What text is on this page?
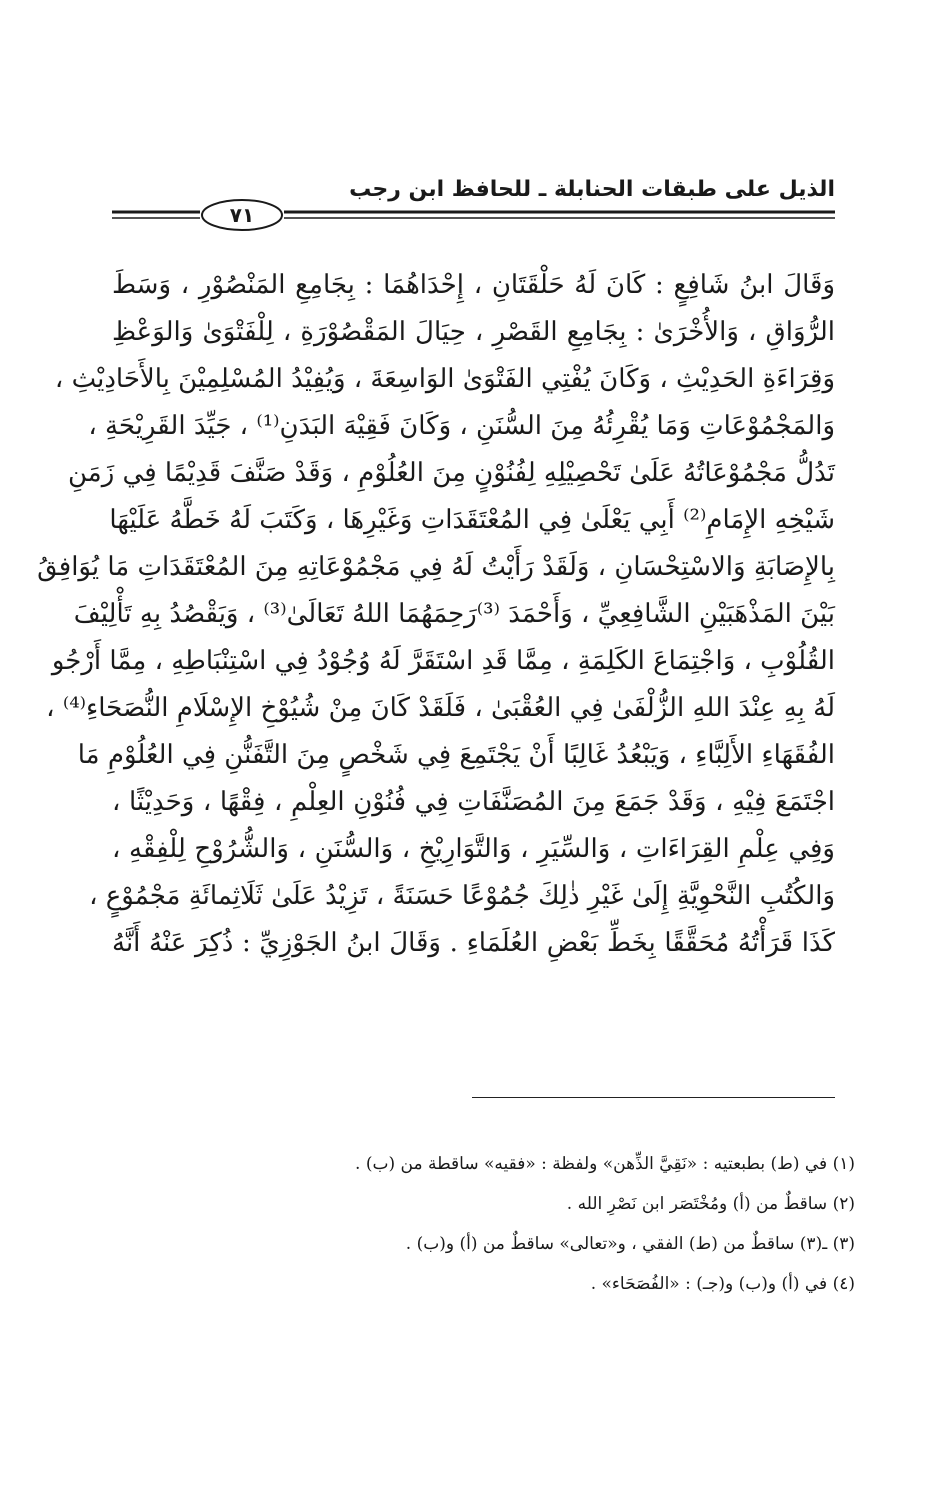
الذيل على طبقات الحنابلة ـ للحافظ ابن رجب
٧١
وَقَالَ ابنُ شَافِعٍ : كَانَ لَهُ حَلْقَتَانِ ، إِحْدَاهُمَا : بِجَامِعِ المَنْصُوْرِ ، وَسَطَ
الرُّوَاقِ ، وَالأُخْرَىٰ : بِجَامِعِ القَصْرِ ، حِيَالَ المَقْصُوْرَةِ ، لِلْفَتْوَىٰ وَالوَعْظِ
وَقِرَاءَةِ الحَدِيْثِ ، وَكَانَ يُفْتِي الفَتْوَىٰ الوَاسِعَةَ ، وَيُفِيْدُ المُسْلِمِيْنَ بِالأَحَادِيْثِ ،
وَالمَجْمُوْعَاتِ وَمَا يُقْرِئُهُ مِنَ السُّنَنِ ، وَكَانَ فَقِيْهَ البَدَنِ⁽¹⁾ ، جَيِّدَ القَرِيْحَةِ ،
تَدُلُّ مَجْمُوْعَاتُهُ عَلَىٰ تَحْصِيْلِهِ لِفُنُوْنٍ مِنَ العُلُوْمِ ، وَقَدْ صَنَّفَ قَدِيْمًا فِي زَمَنِ
شَيْخِهِ الإِمَامِ⁽²⁾ أَبِي يَعْلَىٰ فِي المُعْتَقَدَاتِ وَغَيْرِهَا ، وَكَتَبَ لَهُ خَطَّهُ عَلَيْهَا
بِالإِصَابَةِ وَالاسْتِحْسَانِ ، وَلَقَدْ رَأَيْتُ لَهُ فِي مَجْمُوْعَاتِهِ مِنَ المُعْتَقَدَاتِ مَا يُوَافِقُ
بَيْنَ المَذْهَبَيْنِ الشَّافِعِيِّ ، وَأَحْمَدَ ⁽³⁾رَحِمَهُمَا اللهُ تَعَالَىٰ⁽³⁾ ، وَيَقْصُدُ بِهِ تَأْلِيْفَ
القُلُوْبِ ، وَاجْتِمَاعَ الكَلِمَةِ ، مِمَّا قَدِ اسْتَقَرَّ لَهُ وُجُوْدُ فِي اسْتِنْبَاطِهِ ، مِمَّا أَرْجُو
لَهُ بِهِ عِنْدَ اللهِ الزُّلْفَىٰ فِي العُقْبَىٰ ، فَلَقَدْ كَانَ مِنْ شُيُوْخِ الإِسْلَامِ النُّصَحَاءِ⁽⁴⁾ ،
الفُقَهَاءِ الأَلِبَّاءِ ، وَيَبْعُدُ غَالِبًا أَنْ يَجْتَمِعَ فِي شَخْصٍ مِنَ التَّفَنُّنِ فِي العُلُوْمِ مَا
اجْتَمَعَ فِيْهِ ، وَقَدْ جَمَعَ مِنَ المُصَنَّفَاتِ فِي فُنُوْنِ العِلْمِ ، فِقْهًا ، وَحَدِيْثًا ،
وَفِي عِلْمِ القِرَاءَاتِ ، وَالسِّيَرِ ، وَالتَّوَارِيْخِ ، وَالسُّنَنِ ، وَالشُّرُوْحِ لِلْفِقْهِ ،
وَالكُتُبِ النَّحْوِيَّةِ إِلَىٰ غَيْرِ ذٰلِكَ جُمُوْعًا حَسَنَةً ، تَزِيْدُ عَلَىٰ ثَلَاثِمائَةِ مَجْمُوْعٍ ،
كَذَا قَرَأْتُهُ مُحَقَّقًا بِخَطِّ بَعْضِ العُلَمَاءِ . وَقَالَ ابنُ الجَوْزِيِّ : ذُكِرَ عَنْهُ أَنَّهُ
(١) في (ط) بطبعتيه : «نَقِيَّ الذِّهن» ولفظة : «فقيه» ساقطة من (ب) .
(٢) ساقطٌ من (أ) ومُخْتَصَر ابن نَصْرِ الله .
(٣) ـ(٣) ساقطٌ من (ط) الفقي ، و«تعالى» ساقطٌ من (أ) و(ب) .
(٤) في (أ) و(ب) و(جـ) : «الفُصَحَاء» .
